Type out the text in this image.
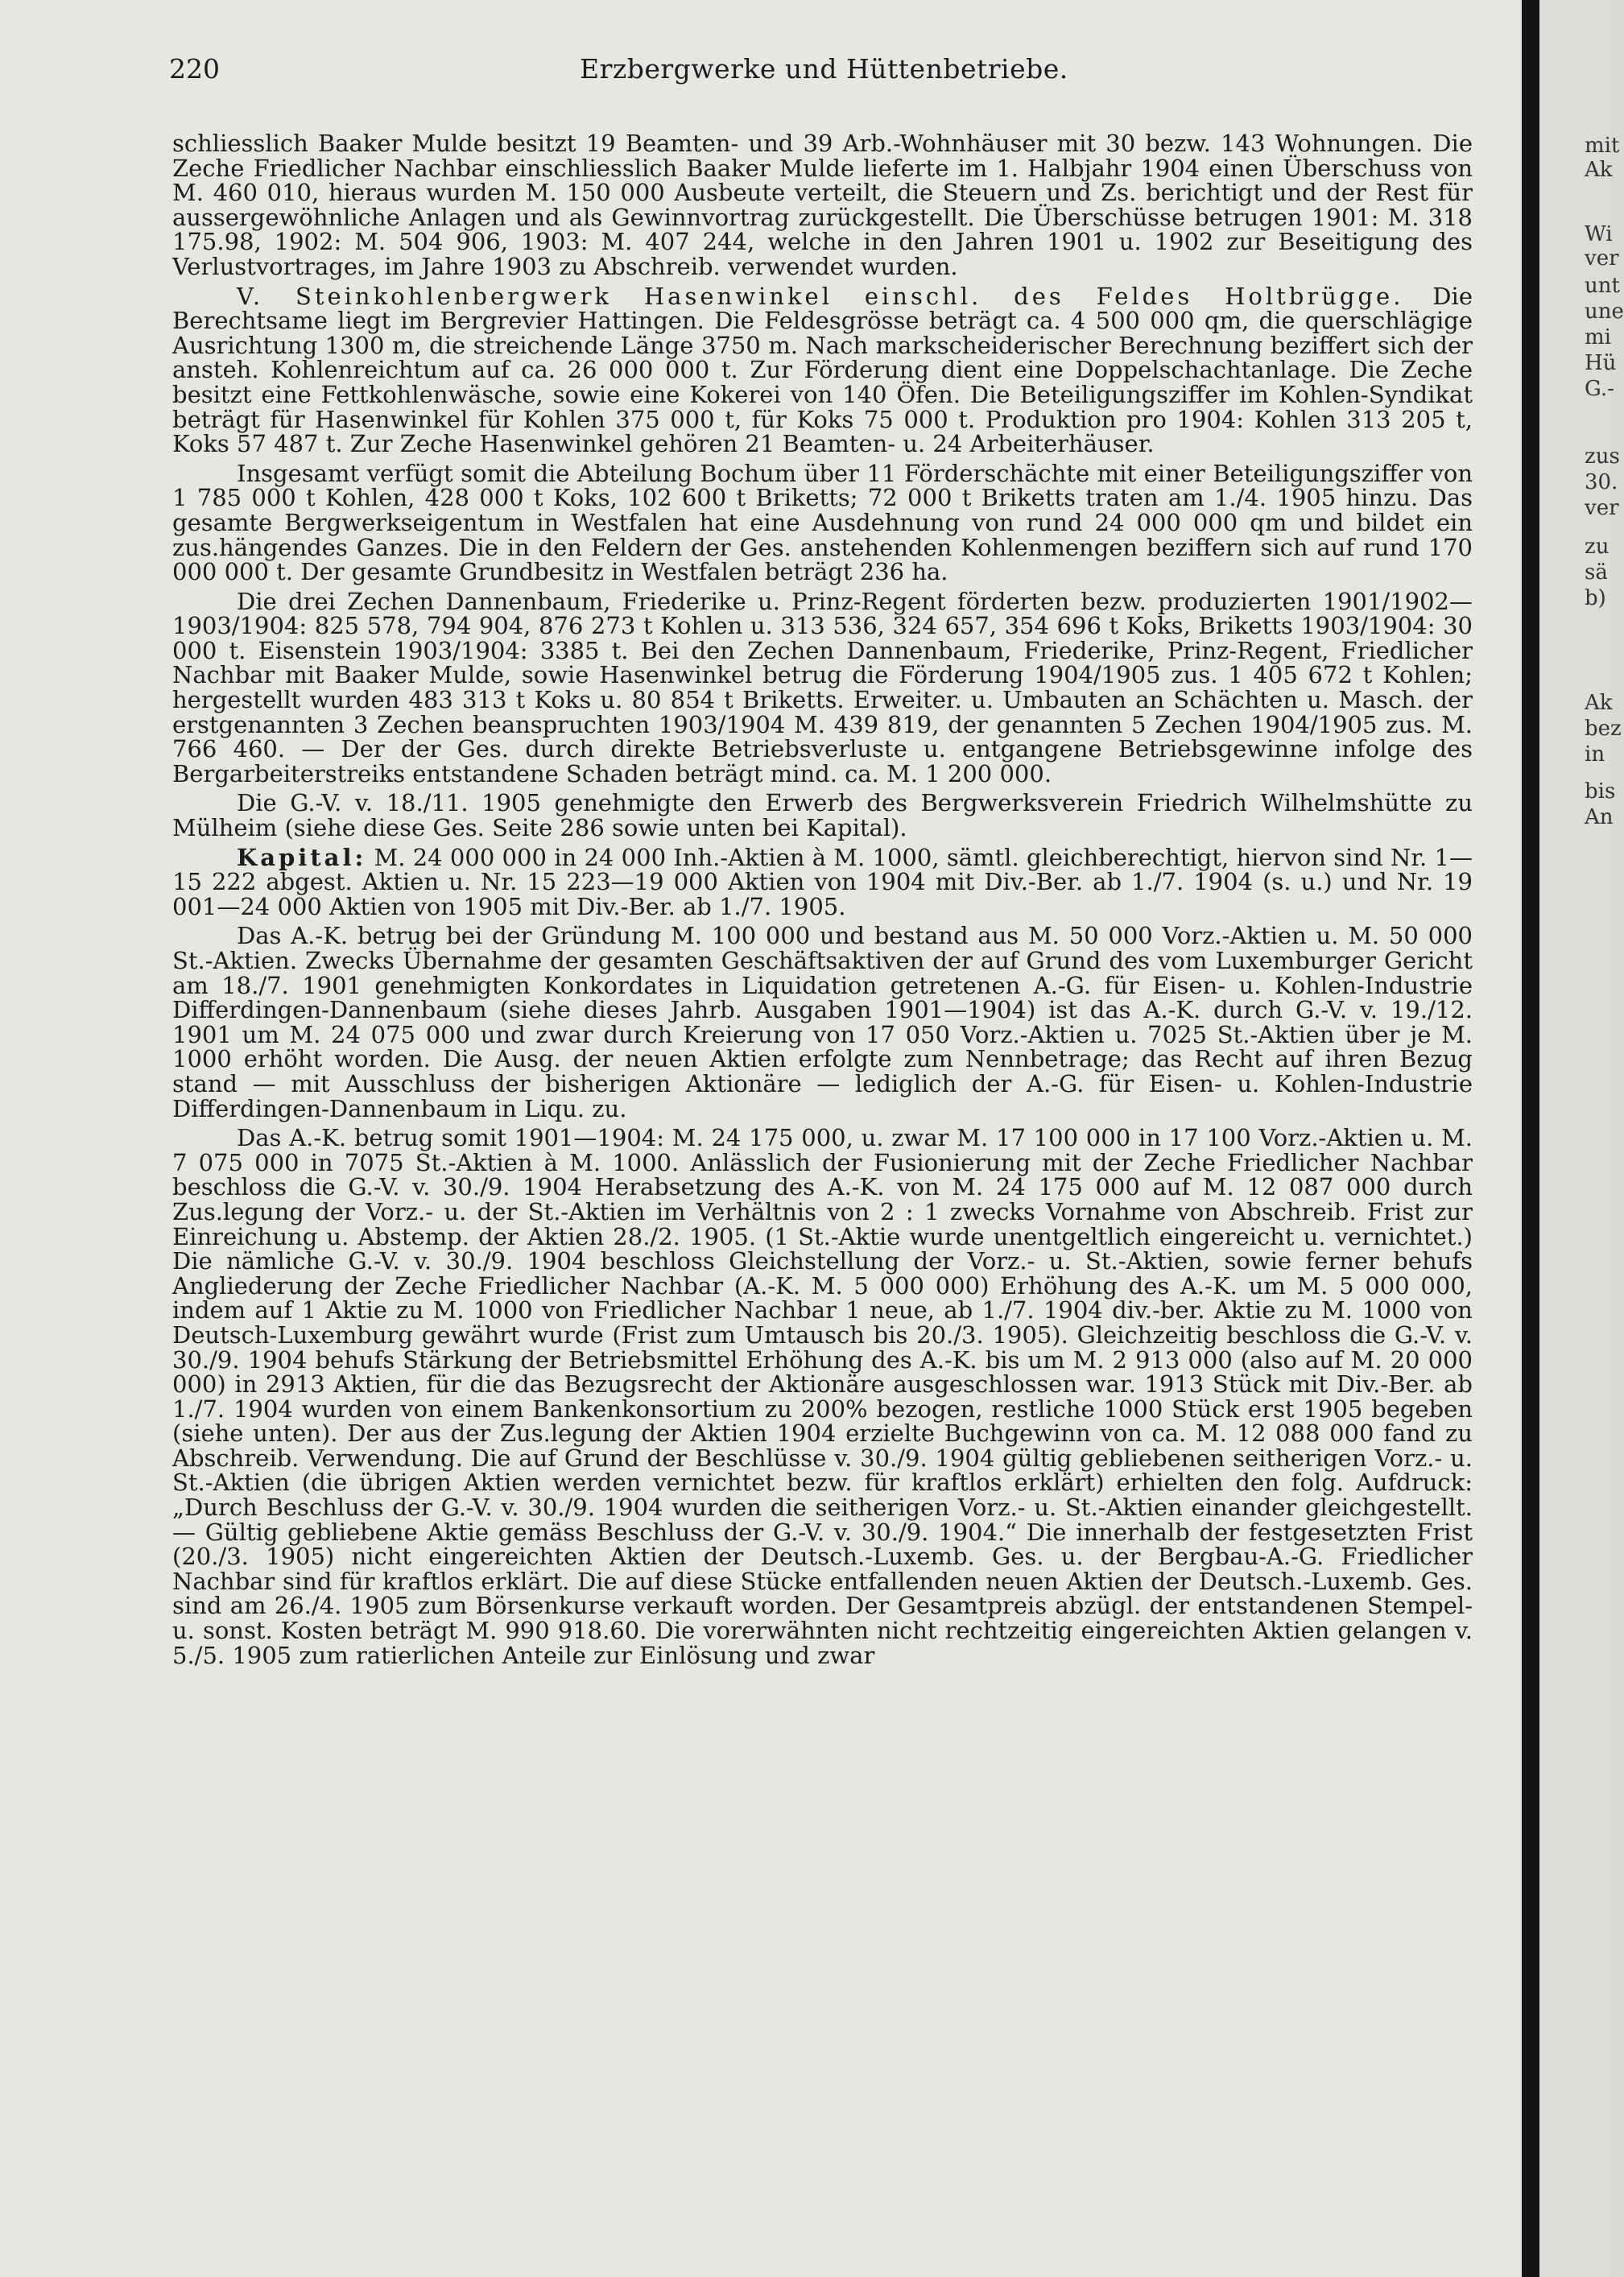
220	Erzbergwerke und Hüttenbetriebe.

schliesslich Baaker Mulde besitzt 19 Beamten- und 39 Arb.-Wohnhäuser mit 30 bezw. 143 Wohnungen. Die Zeche Friedlicher Nachbar einschliesslich Baaker Mulde lieferte im 1. Halbjahr 1904 einen Überschuss von M. 460 010, hieraus wurden M. 150 000 Ausbeute verteilt, die Steuern und Zs. berichtigt und der Rest für aussergewöhnliche Anlagen und als Gewinnvortrag zurückgestellt. Die Überschüsse betrugen 1901: M. 318 175.98, 1902: M. 504 906, 1903: M. 407 244, welche in den Jahren 1901 u. 1902 zur Beseitigung des Verlustvortrages, im Jahre 1903 zu Abschreib. verwendet wurden.

V. Steinkohlenbergwerk Hasenwinkel einschl. des Feldes Holtbrügge. Die Berechtsame liegt im Bergrevier Hattingen. Die Feldesgrösse beträgt ca. 4 500 000 qm, die querschlägige Ausrichtung 1300 m, die streichende Länge 3750 m. Nach markscheiderischer Berechnung beziffert sich der ansteh. Kohlenreichtum auf ca. 26 000 000 t. Zur Förderung dient eine Doppelschachtanlage. Die Zeche besitzt eine Fettkohlenwäsche, sowie eine Kokerei von 140 Öfen. Die Beteiligungsziffer im Kohlen-Syndikat beträgt für Hasenwinkel für Kohlen 375 000 t, für Koks 75 000 t. Produktion pro 1904: Kohlen 313 205 t, Koks 57 487 t. Zur Zeche Hasenwinkel gehören 21 Beamten- u. 24 Arbeiterhäuser.

Insgesamt verfügt somit die Abteilung Bochum über 11 Förderschächte mit einer Beteiligungsziffer von 1 785 000 t Kohlen, 428 000 t Koks, 102 600 t Briketts; 72 000 t Briketts traten am 1./4. 1905 hinzu. Das gesamte Bergwerkseigentum in Westfalen hat eine Ausdehnung von rund 24 000 000 qm und bildet ein zus.hängendes Ganzes. Die in den Feldern der Ges. anstehenden Kohlenmengen beziffern sich auf rund 170 000 000 t. Der gesamte Grundbesitz in Westfalen beträgt 236 ha.

Die drei Zechen Dannenbaum, Friederike u. Prinz-Regent förderten bezw. produzierten 1901/1902—1903/1904: 825 578, 794 904, 876 273 t Kohlen u. 313 536, 324 657, 354 696 t Koks, Briketts 1903/1904: 30 000 t. Eisenstein 1903/1904: 3385 t. Bei den Zechen Dannenbaum, Friederike, Prinz-Regent, Friedlicher Nachbar mit Baaker Mulde, sowie Hasenwinkel betrug die Förderung 1904/1905 zus. 1 405 672 t Kohlen; hergestellt wurden 483 313 t Koks u. 80 854 t Briketts. Erweiter. u. Umbauten an Schächten u. Masch. der erstgenannten 3 Zechen beanspruchten 1903/1904 M. 439 819, der genannten 5 Zechen 1904/1905 zus. M. 766 460. — Der der Ges. durch direkte Betriebsverluste u. entgangene Betriebsgewinne infolge des Bergarbeiterstreiks entstandene Schaden beträgt mind. ca. M. 1 200 000.

Die G.-V. v. 18./11. 1905 genehmigte den Erwerb des Bergwerksverein Friedrich Wilhelmshütte zu Mülheim (siehe diese Ges. Seite 286 sowie unten bei Kapital).

Kapital: M. 24 000 000 in 24 000 Inh.-Aktien à M. 1000, sämtl. gleichberechtigt, hiervon sind Nr. 1—15 222 abgest. Aktien u. Nr. 15 223—19 000 Aktien von 1904 mit Div.-Ber. ab 1./7. 1904 (s. u.) und Nr. 19 001—24 000 Aktien von 1905 mit Div.-Ber. ab 1./7. 1905.

Das A.-K. betrug bei der Gründung M. 100 000 und bestand aus M. 50 000 Vorz.-Aktien u. M. 50 000 St.-Aktien. Zwecks Übernahme der gesamten Geschäftsaktiven der auf Grund des vom Luxemburger Gericht am 18./7. 1901 genehmigten Konkordates in Liquidation getretenen A.-G. für Eisen- u. Kohlen-Industrie Differdingen-Dannenbaum (siehe dieses Jahrb. Ausgaben 1901—1904) ist das A.-K. durch G.-V. v. 19./12. 1901 um M. 24 075 000 und zwar durch Kreierung von 17 050 Vorz.-Aktien u. 7025 St.-Aktien über je M. 1000 erhöht worden. Die Ausg. der neuen Aktien erfolgte zum Nennbetrage; das Recht auf ihren Bezug stand — mit Ausschluss der bisherigen Aktionäre — lediglich der A.-G. für Eisen- u. Kohlen-Industrie Differdingen-Dannenbaum in Liqu. zu.

Das A.-K. betrug somit 1901—1904: M. 24 175 000, u. zwar M. 17 100 000 in 17 100 Vorz.-Aktien u. M. 7 075 000 in 7075 St.-Aktien à M. 1000. Anlässlich der Fusionierung mit der Zeche Friedlicher Nachbar beschloss die G.-V. v. 30./9. 1904 Herabsetzung des A.-K. von M. 24 175 000 auf M. 12 087 000 durch Zus.legung der Vorz.- u. der St.-Aktien im Verhältnis von 2 : 1 zwecks Vornahme von Abschreib. Frist zur Einreichung u. Abstemp. der Aktien 28./2. 1905. (1 St.-Aktie wurde unentgeltlich eingereicht u. vernichtet.) Die nämliche G.-V. v. 30./9. 1904 beschloss Gleichstellung der Vorz.- u. St.-Aktien, sowie ferner behufs Angliederung der Zeche Friedlicher Nachbar (A.-K. M. 5 000 000) Erhöhung des A.-K. um M. 5 000 000, indem auf 1 Aktie zu M. 1000 von Friedlicher Nachbar 1 neue, ab 1./7. 1904 div.-ber. Aktie zu M. 1000 von Deutsch-Luxemburg gewährt wurde (Frist zum Umtausch bis 20./3. 1905). Gleichzeitig beschloss die G.-V. v. 30./9. 1904 behufs Stärkung der Betriebsmittel Erhöhung des A.-K. bis um M. 2 913 000 (also auf M. 20 000 000) in 2913 Aktien, für die das Bezugsrecht der Aktionäre ausgeschlossen war. 1913 Stück mit Div.-Ber. ab 1./7. 1904 wurden von einem Bankenkonsortium zu 200% bezogen, restliche 1000 Stück erst 1905 begeben (siehe unten). Der aus der Zus.legung der Aktien 1904 erzielte Buchgewinn von ca. M. 12 088 000 fand zu Abschreib. Verwendung. Die auf Grund der Beschlüsse v. 30./9. 1904 gültig gebliebenen seitherigen Vorz.- u. St.-Aktien (die übrigen Aktien werden vernichtet bezw. für kraftlos erklärt) erhielten den folg. Aufdruck: „Durch Beschluss der G.-V. v. 30./9. 1904 wurden die seitherigen Vorz.- u. St.-Aktien einander gleichgestellt. — Gültig gebliebene Aktie gemäss Beschluss der G.-V. v. 30./9. 1904.“ Die innerhalb der festgesetzten Frist (20./3. 1905) nicht eingereichten Aktien der Deutsch.-Luxemb. Ges. u. der Bergbau-A.-G. Friedlicher Nachbar sind für kraftlos erklärt. Die auf diese Stücke entfallenden neuen Aktien der Deutsch.-Luxemb. Ges. sind am 26./4. 1905 zum Börsenkurse verkauft worden. Der Gesamtpreis abzügl. der entstandenen Stempel- u. sonst. Kosten beträgt M. 990 918.60. Die vorerwähnten nicht rechtzeitig eingereichten Aktien gelangen v. 5./5. 1905 zum ratierlichen Anteile zur Einlösung und zwar

mit
Ak
Wi
ver
unt
une
mi
Hü
G.-
zus
30.
ver
zu
sä
b)
Ak
bez
in
bis
An
